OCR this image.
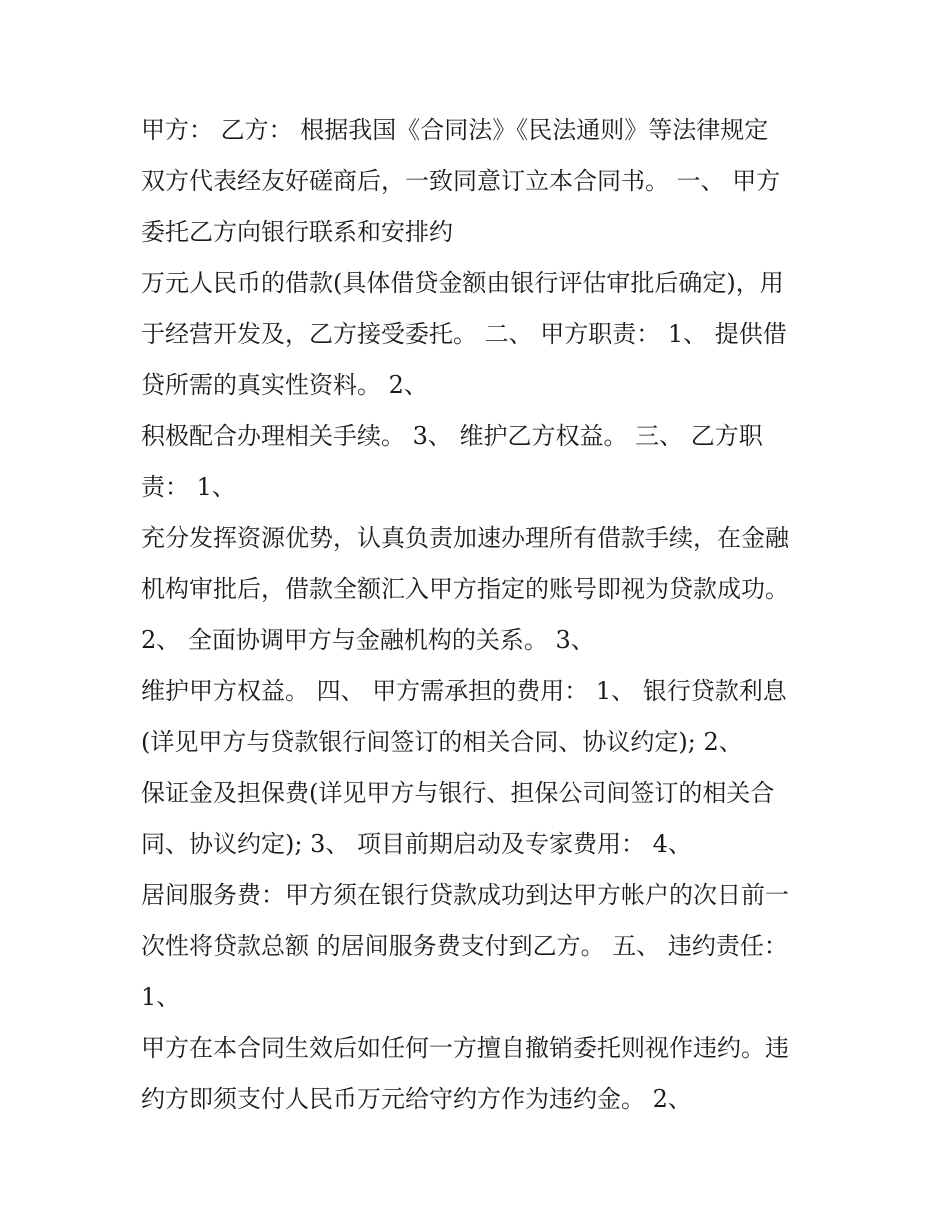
甲方： 乙方： 根据我国《合同法》《民法通则》等法律规定
双方代表经友好磋商后，一致同意订立本合同书。 一、 甲方
委托乙方向银行联系和安排约
万元人民币的借款(具体借贷金额由银行评估审批后确定)，用
于经营开发及，乙方接受委托。 二、 甲方职责： 1、 提供借
贷所需的真实性资料。 2、
积极配合办理相关手续。 3、 维护乙方权益。 三、 乙方职
责： 1、
充分发挥资源优势，认真负责加速办理所有借款手续，在金融
机构审批后，借款全额汇入甲方指定的账号即视为贷款成功。
2、 全面协调甲方与金融机构的关系。 3、
维护甲方权益。 四、 甲方需承担的费用： 1、 银行贷款利息
(详见甲方与贷款银行间签订的相关合同、协议约定); 2、
保证金及担保费(详见甲方与银行、担保公司间签订的相关合
同、协议约定); 3、 项目前期启动及专家费用： 4、
居间服务费：甲方须在银行贷款成功到达甲方帐户的次日前一
次性将贷款总额 的居间服务费支付到乙方。 五、 违约责任：
1、
甲方在本合同生效后如任何一方擅自撤销委托则视作违约。违
约方即须支付人民币万元给守约方作为违约金。 2、
